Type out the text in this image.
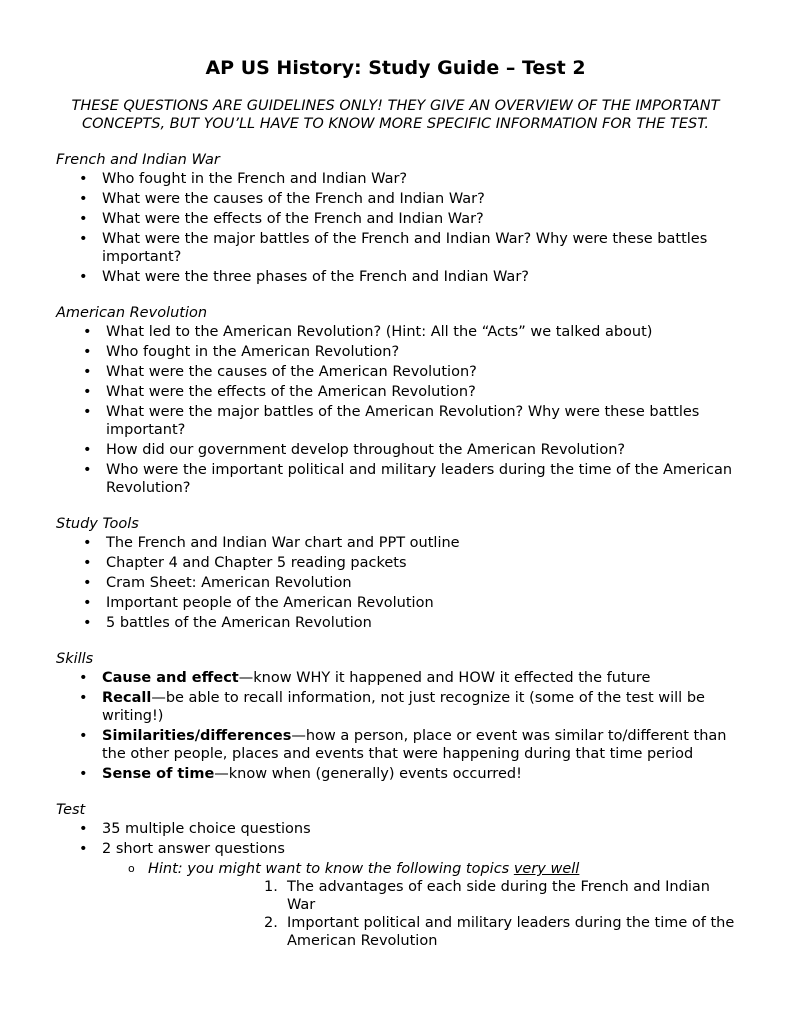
AP US History: Study Guide – Test 2

THESE QUESTIONS ARE GUIDELINES ONLY! THEY GIVE AN OVERVIEW OF THE IMPORTANT CONCEPTS, BUT YOU’LL HAVE TO KNOW MORE SPECIFIC INFORMATION FOR THE TEST.

French and Indian War

• Who fought in the French and Indian War?
• What were the causes of the French and Indian War?
• What were the effects of the French and Indian War?
• What were the major battles of the French and Indian War? Why were these battles important?
• What were the three phases of the French and Indian War?

American Revolution

• What led to the American Revolution? (Hint: All the “Acts” we talked about)
• Who fought in the American Revolution?
• What were the causes of the American Revolution?
• What were the effects of the American Revolution?
• What were the major battles of the American Revolution? Why were these battles important?
• How did our government develop throughout the American Revolution?
• Who were the important political and military leaders during the time of the American Revolution?

Study Tools

• The French and Indian War chart and PPT outline
• Chapter 4 and Chapter 5 reading packets
• Cram Sheet: American Revolution
• Important people of the American Revolution
• 5 battles of the American Revolution

Skills

• Cause and effect—know WHY it happened and HOW it effected the future
• Recall—be able to recall information, not just recognize it (some of the test will be writing!)
• Similarities/differences—how a person, place or event was similar to/different than the other people, places and events that were happening during that time period
• Sense of time—know when (generally) events occurred!

Test

• 35 multiple choice questions
• 2 short answer questions
o Hint: you might want to know the following topics very well
1. The advantages of each side during the French and Indian War
2. Important political and military leaders during the time of the American Revolution
